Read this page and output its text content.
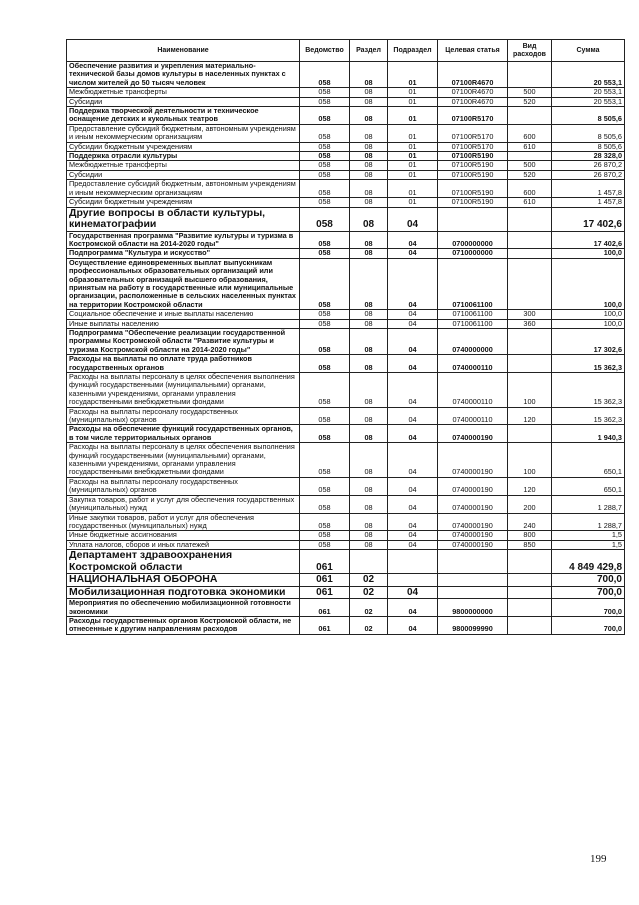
Наименование	Ведомство	Раздел	Подраздел	Целевая статья	Вид расходов	Сумма
Обеспечение развития и укрепления материально-технической базы домов культуры в населенных пунктах с числом жителей до 50 тысяч человек	058	08	01	07100R4670		20 553,1
Межбюджетные трансферты	058	08	01	07100R4670	500	20 553,1
Субсидии	058	08	01	07100R4670	520	20 553,1
Поддержка творческой деятельности и техническое оснащение детских и кукольных театров	058	08	01	07100R5170		8 505,6
Предоставление субсидий бюджетным, автономным учреждениям и иным некоммерческим организациям	058	08	01	07100R5170	600	8 505,6
Субсидии бюджетным учреждениям	058	08	01	07100R5170	610	8 505,6
Поддержка отрасли культуры	058	08	01	07100R5190		28 328,0
Межбюджетные трансферты	058	08	01	07100R5190	500	26 870,2
Субсидии	058	08	01	07100R5190	520	26 870,2
Предоставление субсидий бюджетным, автономным учреждениям и иным некоммерческим организациям	058	08	01	07100R5190	600	1 457,8
Субсидии бюджетным учреждениям	058	08	01	07100R5190	610	1 457,8
Другие вопросы в области культуры, кинематографии	058	08	04			17 402,6
Государственная программа "Развитие культуры и туризма в Костромской области на 2014-2020 годы"	058	08	04	0700000000		17 402,6
Подпрограмма "Культура и искусство"	058	08	04	0710000000		100,0
Осуществление единовременных выплат выпускникам профессиональных образовательных организаций или образовательных организаций высшего образования, принятым на работу в государственные или муниципальные организации, расположенные в сельских населенных пунктах на территории Костромской области	058	08	04	0710061100		100,0
Социальное обеспечение и иные выплаты населению	058	08	04	0710061100	300	100,0
Иные выплаты населению	058	08	04	0710061100	360	100,0
Подпрограмма "Обеспечение реализации государственной программы Костромской области "Развитие культуры и туризма Костромской области на 2014-2020 годы"	058	08	04	0740000000		17 302,6
Расходы на выплаты по оплате труда работников государственных органов	058	08	04	0740000110		15 362,3
Расходы на выплаты персоналу в целях обеспечения выполнения функций государственными (муниципальными) органами, казенными учреждениями, органами управления государственными внебюджетными фондами	058	08	04	0740000110	100	15 362,3
Расходы на выплаты персоналу государственных (муниципальных) органов	058	08	04	0740000110	120	15 362,3
Расходы на обеспечение функций государственных органов, в том числе территориальных органов	058	08	04	0740000190		1 940,3
Расходы на выплаты персоналу в целях обеспечения выполнения функций государственными (муниципальными) органами, казенными учреждениями, органами управления государственными внебюджетными фондами	058	08	04	0740000190	100	650,1
Расходы на выплаты персоналу государственных (муниципальных) органов	058	08	04	0740000190	120	650,1
Закупка товаров, работ и услуг для обеспечения государственных (муниципальных) нужд	058	08	04	0740000190	200	1 288,7
Иные закупки товаров, работ и услуг для обеспечения государственных (муниципальных) нужд	058	08	04	0740000190	240	1 288,7
Иные бюджетные ассигнования	058	08	04	0740000190	800	1,5
Уплата налогов, сборов и иных платежей	058	08	04	0740000190	850	1,5
Департамент здравоохранения Костромской области	061					4 849 429,8
НАЦИОНАЛЬНАЯ ОБОРОНА	061	02				700,0
Мобилизационная подготовка экономики	061	02	04			700,0
Мероприятия по обеспечению мобилизационной готовности экономики	061	02	04	9800000000		700,0
Расходы государственных органов Костромской области, не отнесенные к другим направлениям расходов	061	02	04	9800099990		700,0
199
